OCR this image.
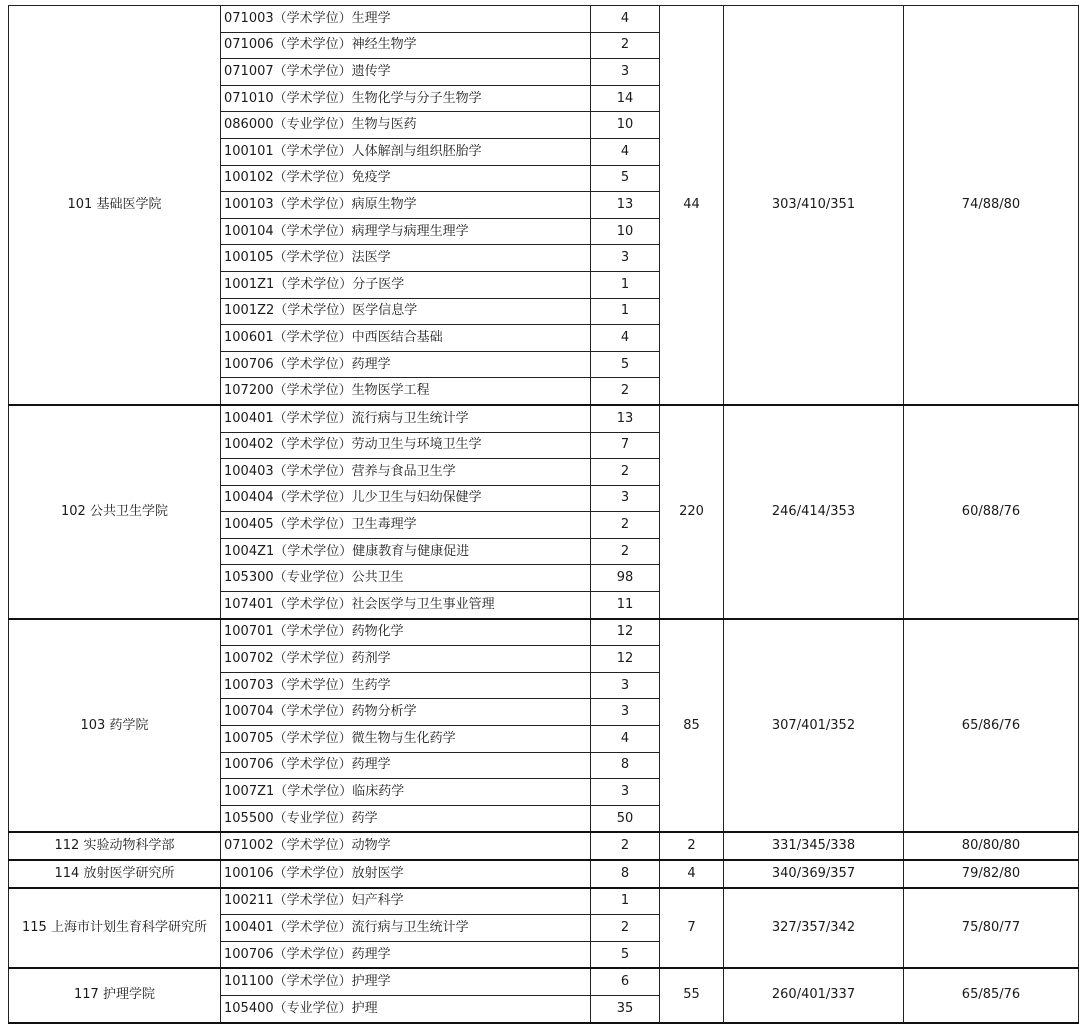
101 基础医学院	071003（学术学位）生理学	4	44	303/410/351	74/88/80
	071006（学术学位）神经生物学	2			
	071007（学术学位）遗传学	3			
	071010（学术学位）生物化学与分子生物学	14			
	086000（专业学位）生物与医药	10			
	100101（学术学位）人体解剖与组织胚胎学	4			
	100102（学术学位）免疫学	5			
	100103（学术学位）病原生物学	13			
	100104（学术学位）病理学与病理生理学	10			
	100105（学术学位）法医学	3			
	1001Z1（学术学位）分子医学	1			
	1001Z2（学术学位）医学信息学	1			
	100601（学术学位）中西医结合基础	4			
	100706（学术学位）药理学	5			
	107200（学术学位）生物医学工程	2			
102 公共卫生学院	100401（学术学位）流行病与卫生统计学	13	220	246/414/353	60/88/76
	100402（学术学位）劳动卫生与环境卫生学	7			
	100403（学术学位）营养与食品卫生学	2			
	100404（学术学位）儿少卫生与妇幼保健学	3			
	100405（学术学位）卫生毒理学	2			
	1004Z1（学术学位）健康教育与健康促进	2			
	105300（专业学位）公共卫生	98			
	107401（学术学位）社会医学与卫生事业管理	11			
103 药学院	100701（学术学位）药物化学	12	85	307/401/352	65/86/76
	100702（学术学位）药剂学	12			
	100703（学术学位）生药学	3			
	100704（学术学位）药物分析学	3			
	100705（学术学位）微生物与生化药学	4			
	100706（学术学位）药理学	8			
	1007Z1（学术学位）临床药学	3			
	105500（专业学位）药学	50			
112 实验动物科学部	071002（学术学位）动物学	2	2	331/345/338	80/80/80
114 放射医学研究所	100106（学术学位）放射医学	8	4	340/369/357	79/82/80
115 上海市计划生育科学研究所	100211（学术学位）妇产科学	1	7	327/357/342	75/80/77
	100401（学术学位）流行病与卫生统计学	2			
	100706（学术学位）药理学	5			
117 护理学院	101100（学术学位）护理学	6	55	260/401/337	65/85/76
	105400（专业学位）护理	35			
